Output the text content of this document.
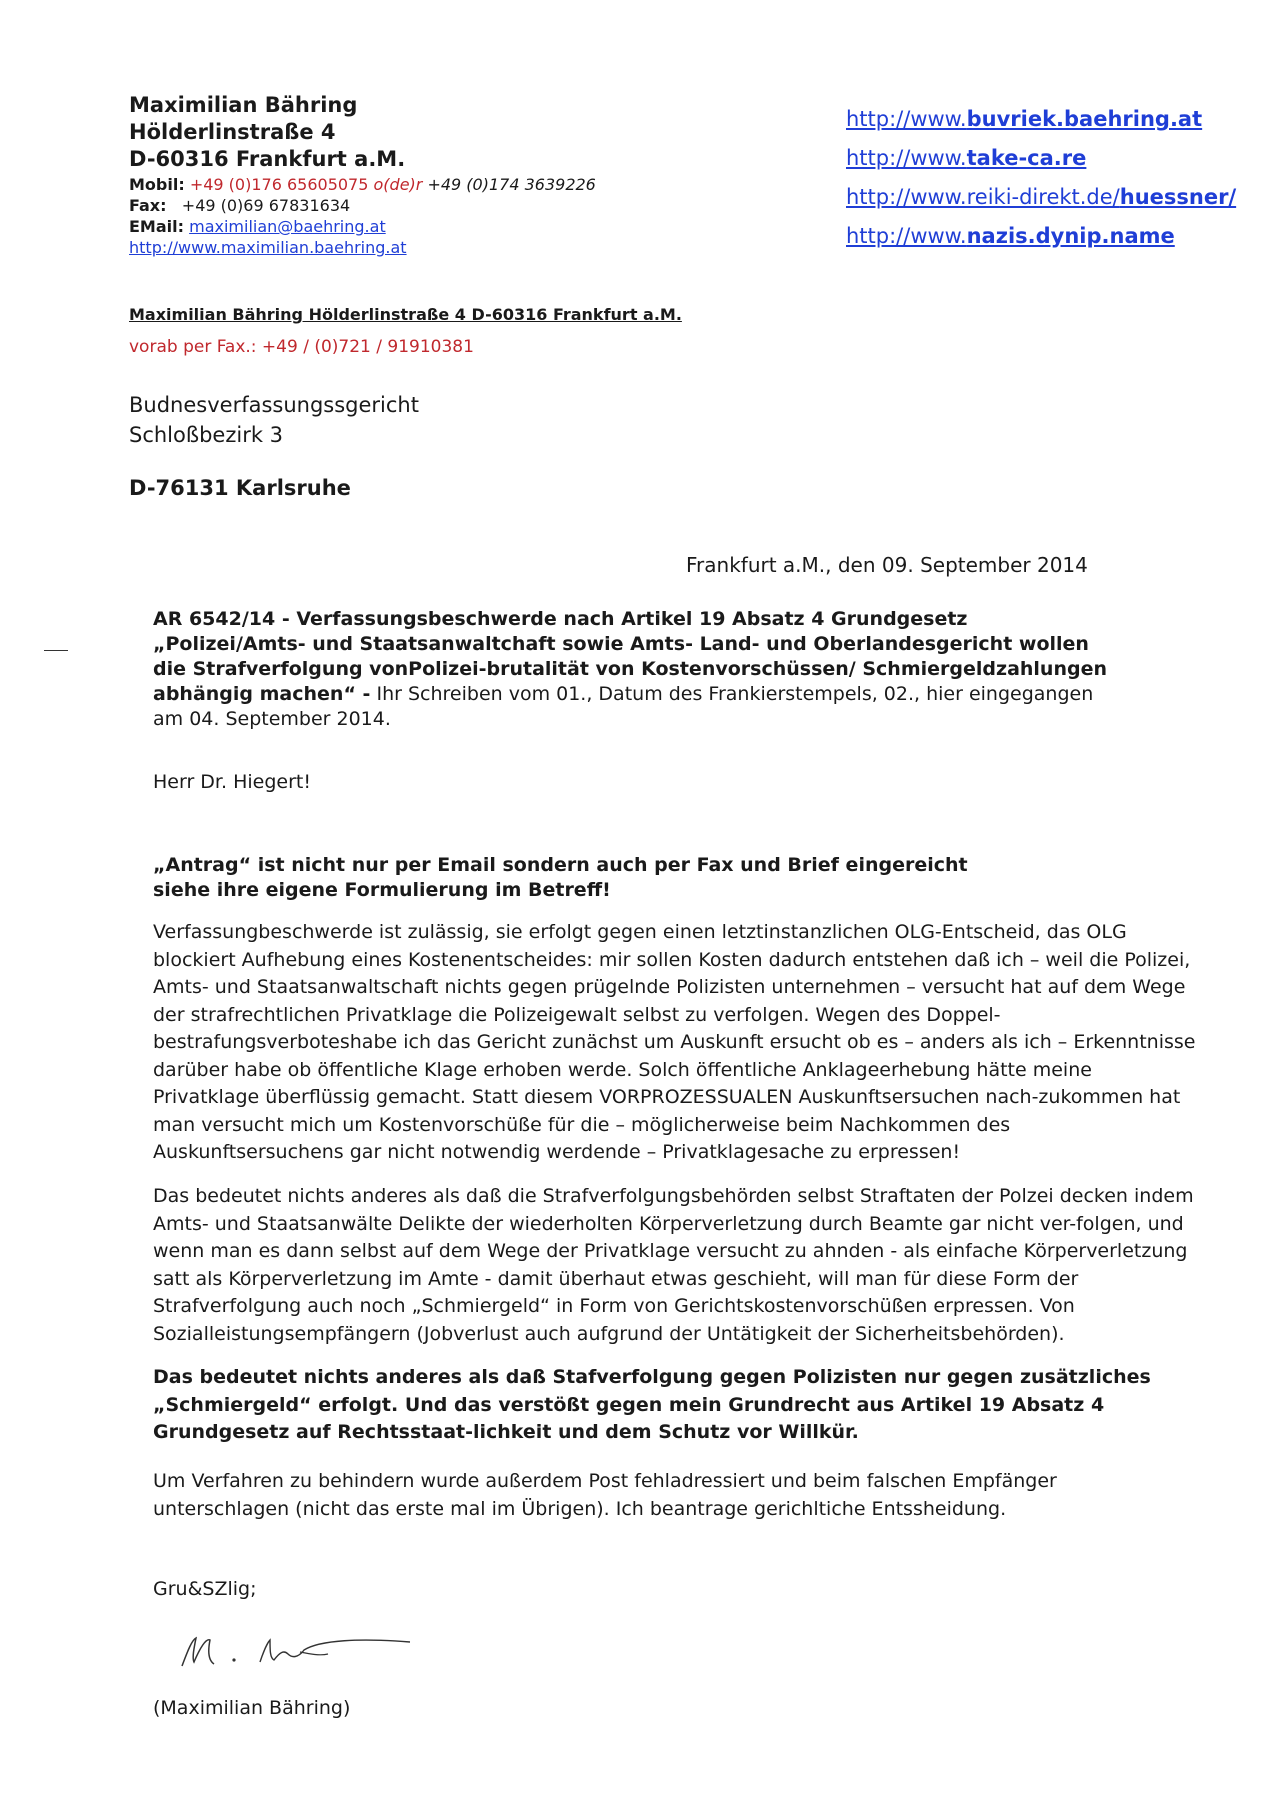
Maximilian Bähring
Hölderlinstraße 4
D-60316 Frankfurt a.M.
Mobil: +49 (0)176 65605075 o(de)r +49 (0)174 3639226
Fax: +49 (0)69 67831634
EMail: maximilian@baehring.at
http://www.maximilian.baehring.at
http://www.buvriek.baehring.at
http://www.take-ca.re
http://www.reiki-direkt.de/huessner/
http://www.nazis.dynip.name
Maximilian Bähring Hölderlinstraße 4 D-60316 Frankfurt a.M.
vorab per Fax.: +49 / (0)721 / 91910381
Budnesverfassungssgericht
Schloßbezirk 3
D-76131 Karlsruhe
Frankfurt a.M., den 09. September 2014
AR 6542/14 - Verfassungsbeschwerde nach Artikel 19 Absatz 4 Grundgesetz „Polizei/Amts- und Staatsanwaltchaft sowie Amts- Land- und Oberlandesgericht wollen die Strafverfolgung vonPolizei-brutalität von Kostenvorschüssen/ Schmiergeldzahlungen abhängig machen“ - Ihr Schreiben vom 01., Datum des Frankierstempels, 02., hier eingegangen am 04. September 2014.
Herr Dr. Hiegert!
„Antrag“ ist nicht nur per Email sondern auch per Fax und Brief eingereicht
siehe ihre eigene Formulierung im Betreff!
Verfassungbeschwerde ist zulässig, sie erfolgt gegen einen letztinstanzlichen OLG-Entscheid, das OLG blockiert Aufhebung eines Kostenentscheides: mir sollen Kosten dadurch entstehen daß ich – weil die Polizei, Amts- und Staatsanwaltschaft nichts gegen prügelnde Polizisten unternehmen – versucht hat auf dem Wege der strafrechtlichen Privatklage die Polizeigewalt selbst zu verfolgen. Wegen des Doppel-bestrafungsverboteshabe ich das Gericht zunächst um Auskunft ersucht ob es – anders als ich – Erkenntnisse darüber habe ob öffentliche Klage erhoben werde. Solch öffentliche Anklageerhebung hätte meine Privatklage überflüssig gemacht. Statt diesem VORPROZESSUALEN Auskunftsersuchen nach-zukommen hat man versucht mich um Kostenvorschüße für die – möglicherweise beim Nachkommen des Auskunftsersuchens gar nicht notwendig werdende – Privatklagesache zu erpressen!
Das bedeutet nichts anderes als daß die Strafverfolgungsbehörden selbst Straftaten der Polzei decken indem Amts- und Staatsanwälte Delikte der wiederholten Körperverletzung durch Beamte gar nicht ver-folgen, und wenn man es dann selbst auf dem Wege der Privatklage versucht zu ahnden - als einfache Körperverletzung satt als Körperverletzung im Amte - damit überhaut etwas geschieht, will man für diese Form der Strafverfolgung auch noch „Schmiergeld“ in Form von Gerichtskostenvorschüßen erpressen. Von Sozialleistungsempfängern (Jobverlust auch aufgrund der Untätigkeit der Sicherheitsbehörden).
Das bedeutet nichts anderes als daß Stafverfolgung gegen Polizisten nur gegen zusätzliches „Schmiergeld“ erfolgt. Und das verstößt gegen mein Grundrecht aus Artikel 19 Absatz 4 Grundgesetz auf Rechtsstaat-lichkeit und dem Schutz vor Willkür.
Um Verfahren zu behindern wurde außerdem Post fehladressiert und beim falschen Empfänger unterschlagen (nicht das erste mal im Übrigen). Ich beantrage gerichltiche Entssheidung.
Gru&SZlig;
(Maximilian Bähring)
